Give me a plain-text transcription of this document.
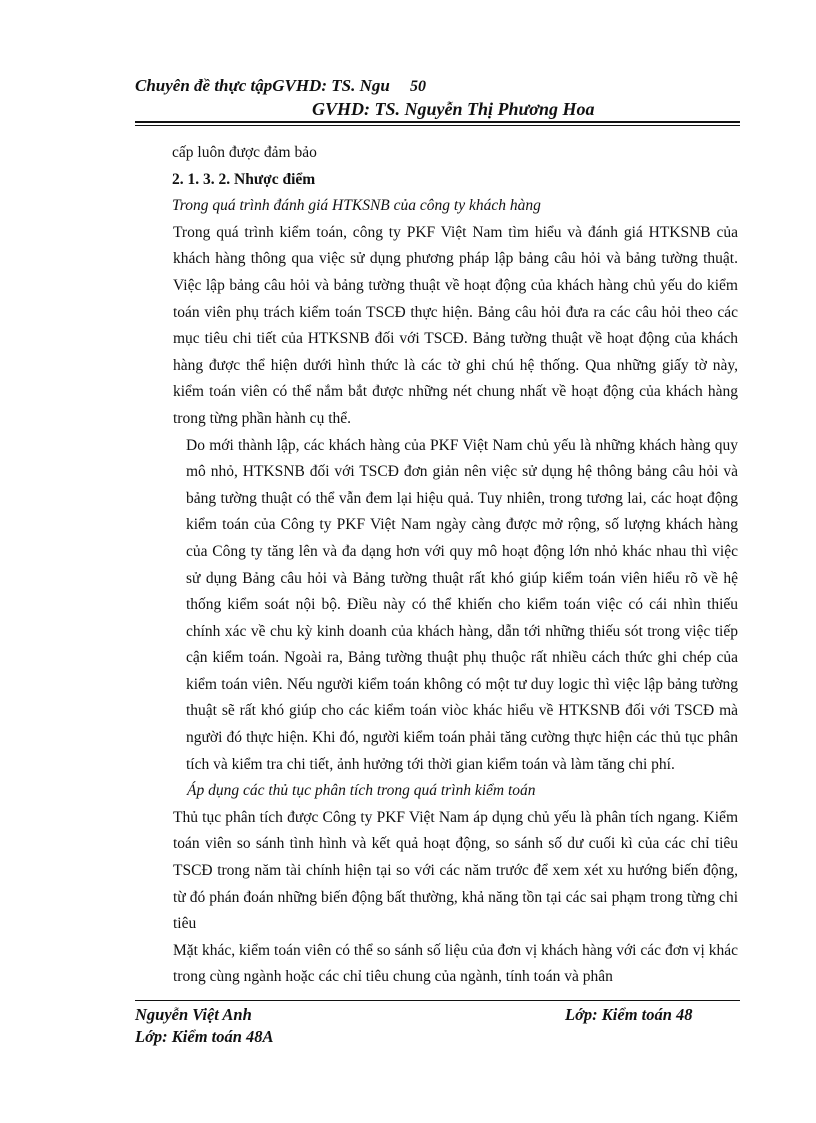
Chuyên đề thực tậpGVHD: TS. Ngu 50
GVHD: TS. Nguyễn Thị Phương Hoa

cấp luôn được đảm bảo

2. 1. 3. 2. Nhược điểm

Trong quá trình đánh giá HTKSNB của công ty khách hàng

Trong quá trình kiểm toán, công ty PKF Việt Nam tìm hiểu và đánh giá HTKSNB của khách hàng thông qua việc sử dụng phương pháp lập bảng câu hỏi và bảng tường thuật. Việc lập bảng câu hỏi và bảng tường thuật về hoạt động của khách hàng chủ yếu do kiểm toán viên phụ trách kiểm toán TSCĐ thực hiện. Bảng câu hỏi đưa ra các câu hỏi theo các mục tiêu chi tiết của HTKSNB đối với TSCĐ. Bảng tường thuật về hoạt động của khách hàng được thể hiện dưới hình thức là các tờ ghi chú hệ thống. Qua những giấy tờ này, kiểm toán viên có thể nắm bắt được những nét chung nhất về hoạt động của khách hàng trong từng phần hành cụ thể.

Do mới thành lập, các khách hàng của PKF Việt Nam chủ yếu là những khách hàng quy mô nhỏ, HTKSNB đối với TSCĐ đơn giản nên việc sử dụng hệ thông bảng câu hỏi và bảng tường thuật có thể vẫn đem lại hiệu quả. Tuy nhiên, trong tương lai, các hoạt động kiểm toán của Công ty PKF Việt Nam ngày càng được mở rộng, số lượng khách hàng của Công ty tăng lên và đa dạng hơn với quy mô hoạt động lớn nhỏ khác nhau thì việc sử dụng Bảng câu hỏi và Bảng tường thuật rất khó giúp kiểm toán viên hiểu rõ về hệ thống kiểm soát nội bộ. Điều này có thể khiến cho kiểm toán việc có cái nhìn thiếu chính xác về chu kỳ kinh doanh của khách hàng, dẫn tới những thiếu sót trong việc tiếp cận kiểm toán. Ngoài ra, Bảng tường thuật phụ thuộc rất nhiều cách thức ghi chép của kiểm toán viên. Nếu người kiểm toán không có một tư duy logic thì việc lập bảng tường thuật sẽ rất khó giúp cho các kiểm toán viòc khác hiểu về HTKSNB đối với TSCĐ mà người đó thực hiện. Khi đó, người kiểm toán phải tăng cường thực hiện các thủ tục phân tích và kiểm tra chi tiết, ảnh hưởng tới thời gian kiểm toán và làm tăng chi phí.

Áp dụng các thủ tục phân tích trong quá trình kiểm toán

Thủ tục phân tích được Công ty PKF Việt Nam áp dụng chủ yếu là phân tích ngang. Kiểm toán viên so sánh tình hình và kết quả hoạt động, so sánh số dư cuối kì của các chỉ tiêu TSCĐ trong năm tài chính hiện tại so với các năm trước để xem xét xu hướng biến động, từ đó phán đoán những biến động bất thường, khả năng tồn tại các sai phạm trong từng chi tiêu

Mặt khác, kiểm toán viên có thể so sánh số liệu của đơn vị khách hàng với các đơn vị khác trong cùng ngành hoặc các chỉ tiêu chung của ngành, tính toán và phân

Nguyễn Việt Anh	Lớp: Kiểm toán 48
Lớp: Kiểm toán 48A
